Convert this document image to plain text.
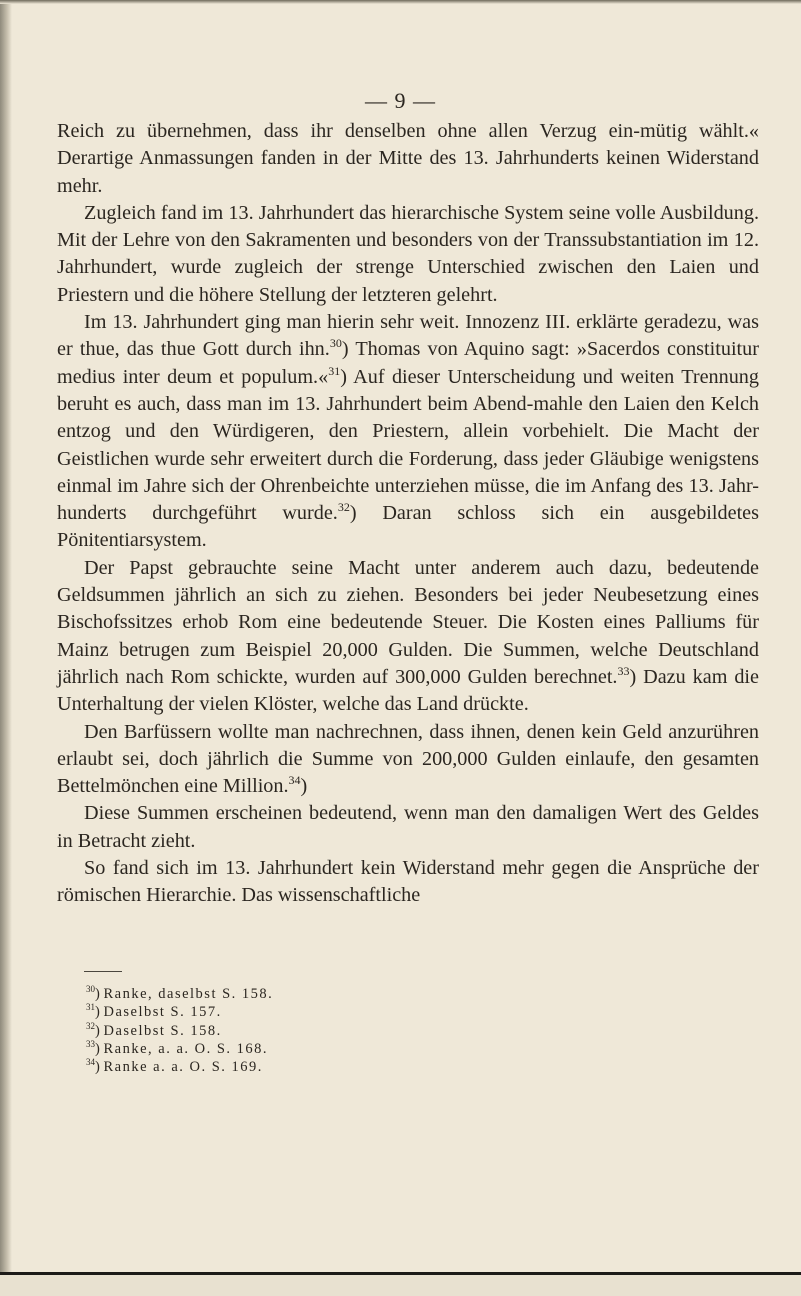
— 9 —

Reich zu übernehmen, dass ihr denselben ohne allen Verzug ein-mütig wählt.« Derartige Anmassungen fanden in der Mitte des 13. Jahrhunderts keinen Widerstand mehr.

Zugleich fand im 13. Jahrhundert das hierarchische System seine volle Ausbildung. Mit der Lehre von den Sakramenten und besonders von der Transsubstantiation im 12. Jahrhundert, wurde zugleich der strenge Unterschied zwischen den Laien und Priestern und die höhere Stellung der letzteren gelehrt.

Im 13. Jahrhundert ging man hierin sehr weit. Innozenz III. erklärte geradezu, was er thue, das thue Gott durch ihn.$^{30}$) Thomas von Aquino sagt: »Sacerdos constituitur medius inter deum et populum.«$^{31}$) Auf dieser Unterscheidung und weiten Trennung beruht es auch, dass man im 13. Jahrhundert beim Abend-mahle den Laien den Kelch entzog und den Würdigeren, den Priestern, allein vorbehielt. Die Macht der Geistlichen wurde sehr erweitert durch die Forderung, dass jeder Gläubige wenigstens einmal im Jahre sich der Ohrenbeichte unterziehen müsse, die im Anfang des 13. Jahr-hunderts durchgeführt wurde.$^{32}$) Daran schloss sich ein ausgebildetes Pönitentiarsystem.

Der Papst gebrauchte seine Macht unter anderem auch dazu, bedeutende Geldsummen jährlich an sich zu ziehen. Besonders bei jeder Neubesetzung eines Bischofssitzes erhob Rom eine bedeutende Steuer. Die Kosten eines Palliums für Mainz betrugen zum Beispiel 20,000 Gulden. Die Summen, welche Deutschland jährlich nach Rom schickte, wurden auf 300,000 Gulden berechnet.$^{33}$) Dazu kam die Unterhaltung der vielen Klöster, welche das Land drückte.

Den Barfüssern wollte man nachrechnen, dass ihnen, denen kein Geld anzurühren erlaubt sei, doch jährlich die Summe von 200,000 Gulden einlaufe, den gesamten Bettelmönchen eine Million.$^{34}$)

Diese Summen erscheinen bedeutend, wenn man den damaligen Wert des Geldes in Betracht zieht.

So fand sich im 13. Jahrhundert kein Widerstand mehr gegen die Ansprüche der römischen Hierarchie. Das wissenschaftliche

$^{30}$) Ranke, daselbst S. 158.
$^{31}$) Daselbst S. 157.
$^{32}$) Daselbst S. 158.
$^{33}$) Ranke, a. a. O. S. 168.
$^{34}$) Ranke a. a. O. S. 169.
